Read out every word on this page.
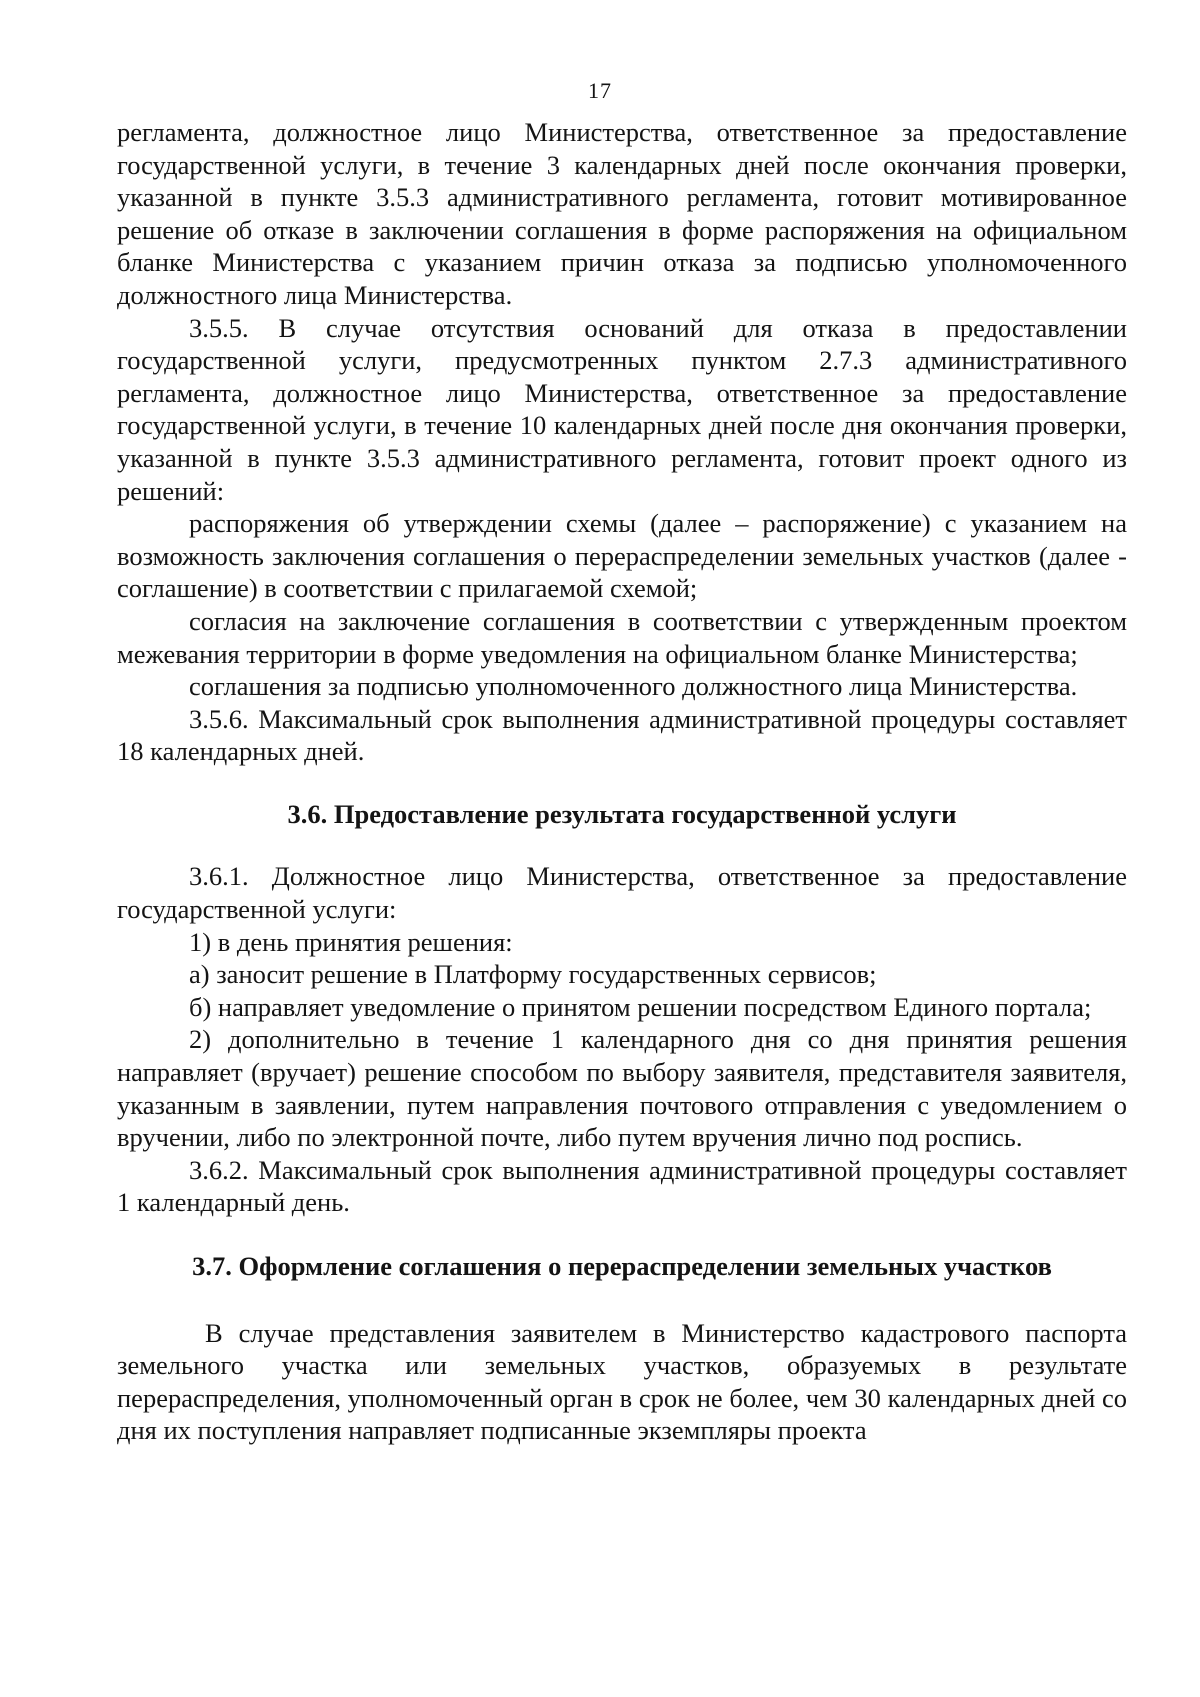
17

регламента, должностное лицо Министерства, ответственное за предоставление государственной услуги, в течение 3 календарных дней после окончания проверки, указанной в пункте 3.5.3 административного регламента, готовит мотивированное решение об отказе в заключении соглашения в форме распоряжения на официальном бланке Министерства с указанием причин отказа за подписью уполномоченного должностного лица Министерства.

3.5.5. В случае отсутствия оснований для отказа в предоставлении государственной услуги, предусмотренных пунктом 2.7.3 административного регламента, должностное лицо Министерства, ответственное за предоставление государственной услуги, в течение 10 календарных дней после дня окончания проверки, указанной в пункте 3.5.3 административного регламента, готовит проект одного из решений:

распоряжения об утверждении схемы (далее – распоряжение) с указанием на возможность заключения соглашения о перераспределении земельных участков (далее - соглашение) в соответствии с прилагаемой схемой;

согласия на заключение соглашения в соответствии с утвержденным проектом межевания территории в форме уведомления на официальном бланке Министерства;

соглашения за подписью уполномоченного должностного лица Министерства.

3.5.6. Максимальный срок выполнения административной процедуры составляет 18 календарных дней.

3.6. Предоставление результата государственной услуги

3.6.1. Должностное лицо Министерства, ответственное за предоставление государственной услуги:

1) в день принятия решения:

а) заносит решение в Платформу государственных сервисов;

б) направляет уведомление о принятом решении посредством Единого портала;

2) дополнительно в течение 1 календарного дня со дня принятия решения направляет (вручает) решение способом по выбору заявителя, представителя заявителя, указанным в заявлении, путем направления почтового отправления с уведомлением о вручении, либо по электронной почте, либо путем вручения лично под роспись.

3.6.2. Максимальный срок выполнения административной процедуры составляет 1 календарный день.

3.7. Оформление соглашения о перераспределении земельных участков

В случае представления заявителем в Министерство кадастрового паспорта земельного участка или земельных участков, образуемых в результате перераспределения, уполномоченный орган в срок не более, чем 30 календарных дней со дня их поступления направляет подписанные экземпляры проекта
